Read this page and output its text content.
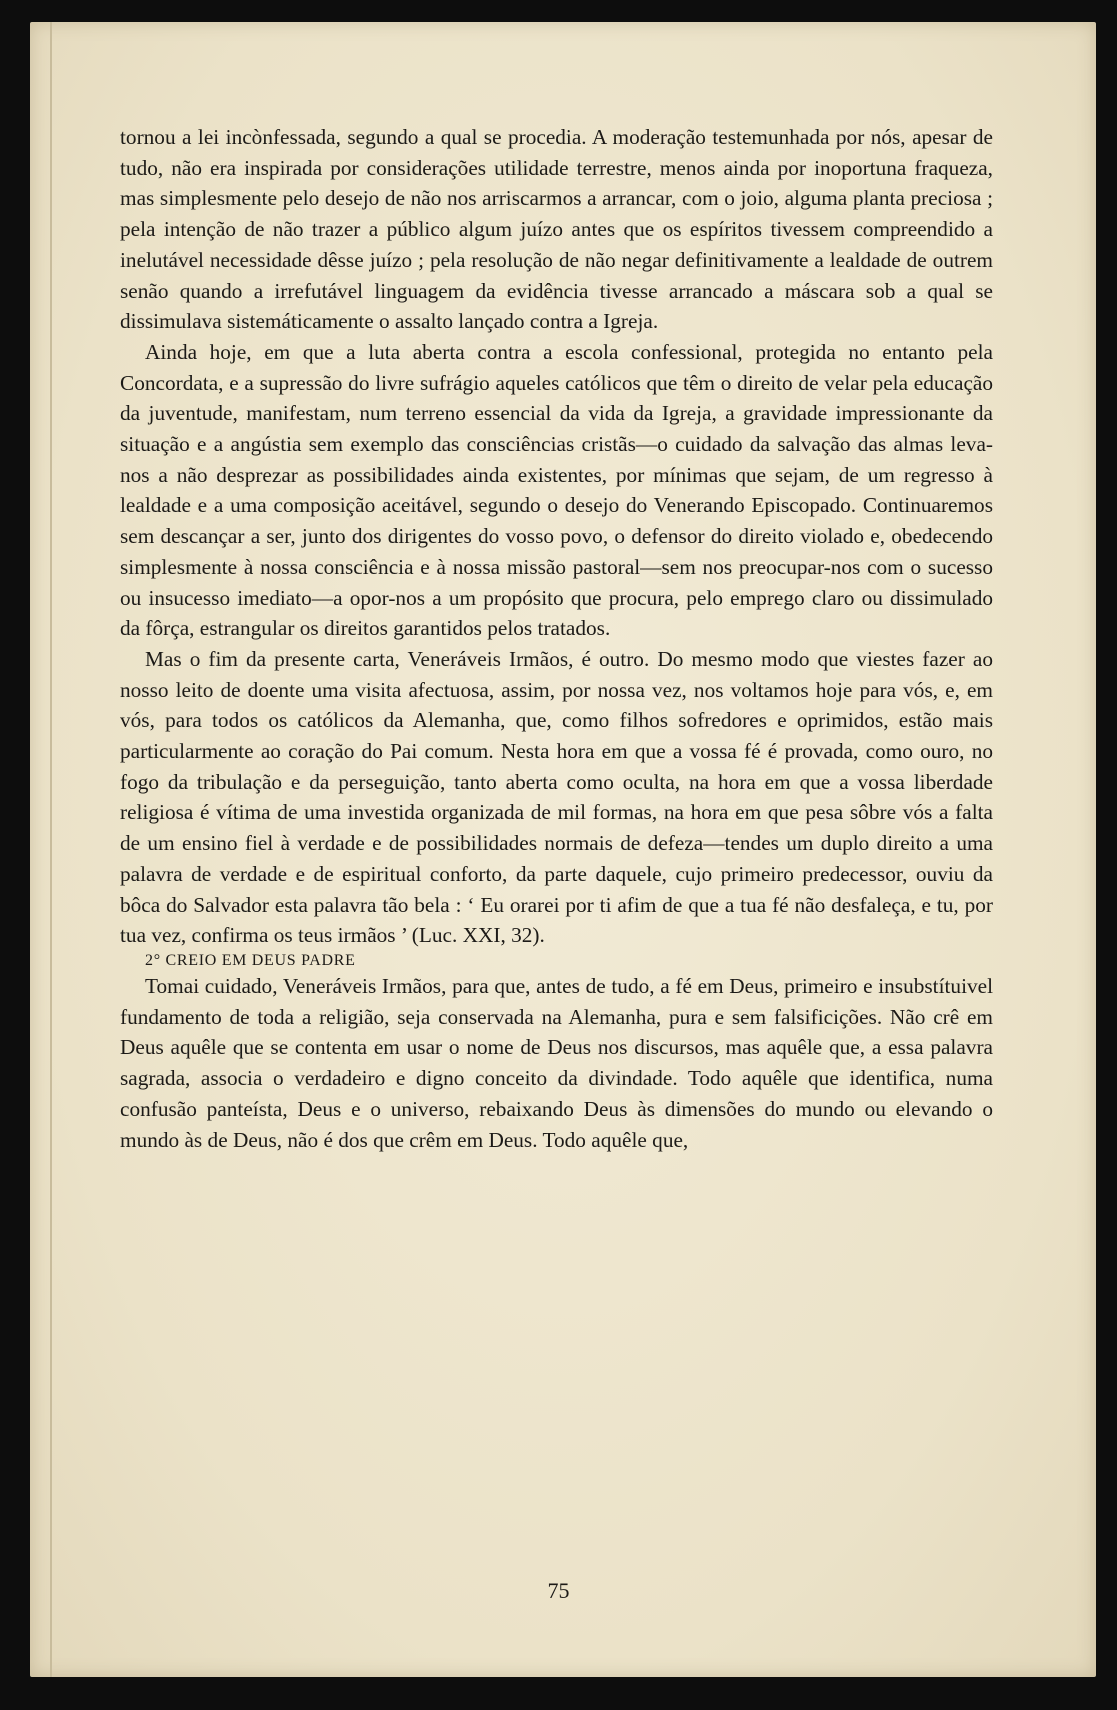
tornou a lei incònfessada, segundo a qual se procedia. A moderação testemunhada por nós, apesar de tudo, não era inspirada por considerações utilidade terrestre, menos ainda por inoportuna fraqueza, mas simplesmente pelo desejo de não nos arriscarmos a arrancar, com o joio, alguma planta preciosa ; pela intenção de não trazer a público algum juízo antes que os espíritos tivessem compreendido a inelutável necessidade dêsse juízo ; pela resolução de não negar definitivamente a lealdade de outrem senão quando a irrefutável linguagem da evidência tivesse arrancado a máscara sob a qual se dissimulava sistemáticamente o assalto lançado contra a Igreja.

Ainda hoje, em que a luta aberta contra a escola confessional, protegida no entanto pela Concordata, e a supressão do livre sufrágio aqueles católicos que têm o direito de velar pela educação da juventude, manifestam, num terreno essencial da vida da Igreja, a gravidade impressionante da situação e a angústia sem exemplo das consciências cristãs—o cuidado da salvação das almas leva-nos a não desprezar as possibilidades ainda existentes, por mínimas que sejam, de um regresso à lealdade e a uma composição aceitável, segundo o desejo do Venerando Episcopado. Continuaremos sem descançar a ser, junto dos dirigentes do vosso povo, o defensor do direito violado e, obedecendo simplesmente à nossa consciência e à nossa missão pastoral—sem nos preocupar-nos com o sucesso ou insucesso imediato—a opor-nos a um propósito que procura, pelo emprego claro ou dissimulado da fôrça, estrangular os direitos garantidos pelos tratados.

Mas o fim da presente carta, Veneráveis Irmãos, é outro. Do mesmo modo que viestes fazer ao nosso leito de doente uma visita afectuosa, assim, por nossa vez, nos voltamos hoje para vós, e, em vós, para todos os católicos da Alemanha, que, como filhos sofredores e oprimidos, estão mais particularmente ao coração do Pai comum. Nesta hora em que a vossa fé é provada, como ouro, no fogo da tribulação e da perseguição, tanto aberta como oculta, na hora em que a vossa liberdade religiosa é vítima de uma investida organizada de mil formas, na hora em que pesa sôbre vós a falta de um ensino fiel à verdade e de possibilidades normais de defeza—tendes um duplo direito a uma palavra de verdade e de espiritual conforto, da parte daquele, cujo primeiro predecessor, ouviu da bôca do Salvador esta palavra tão bela : ‘ Eu orarei por ti afim de que a tua fé não desfaleça, e tu, por tua vez, confirma os teus irmãos ’ (Luc. XXI, 32).

2° CREIO EM DEUS PADRE

Tomai cuidado, Veneráveis Irmãos, para que, antes de tudo, a fé em Deus, primeiro e insubstítuivel fundamento de toda a religião, seja conservada na Alemanha, pura e sem falsificições. Não crê em Deus aquêle que se contenta em usar o nome de Deus nos discursos, mas aquêle que, a essa palavra sagrada, associa o verdadeiro e digno conceito da divindade. Todo aquêle que identifica, numa confusão panteísta, Deus e o universo, rebaixando Deus às dimensões do mundo ou elevando o mundo às de Deus, não é dos que crêm em Deus. Todo aquêle que,

75
